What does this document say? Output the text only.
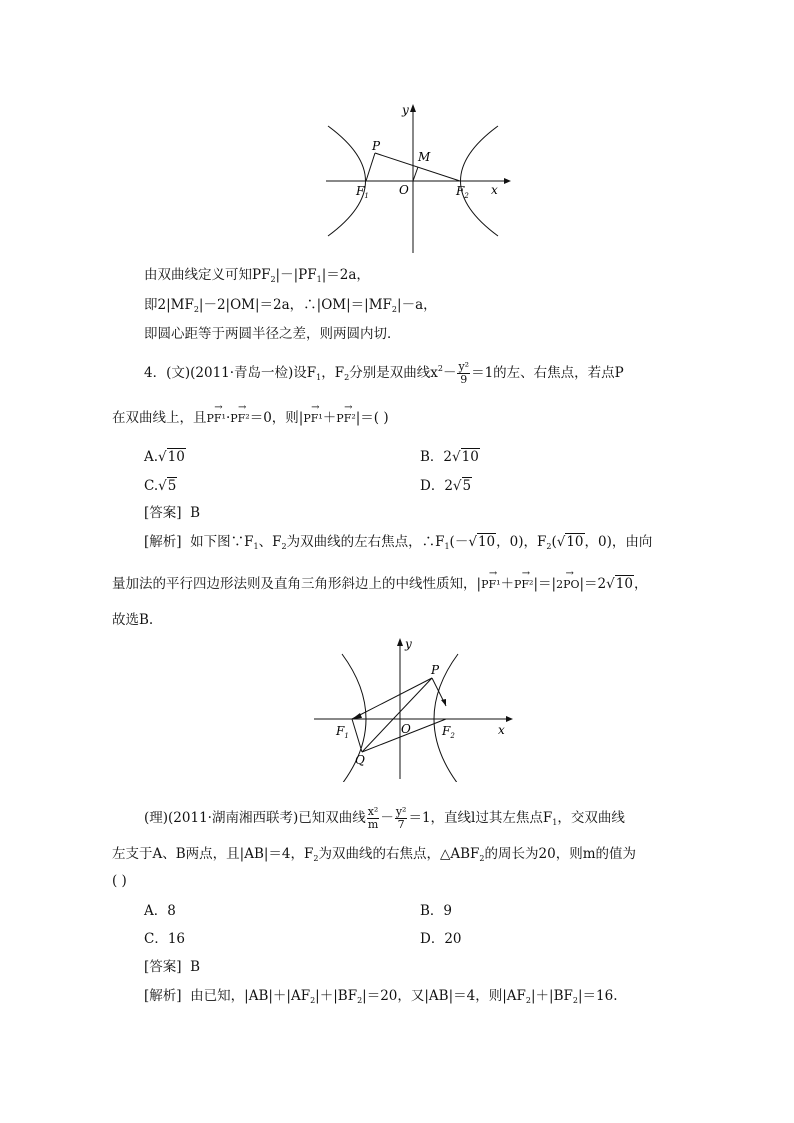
y
x
P
M
$F_1$	O	$F_2$
由双曲线定义可知$PF_2|-|PF_1|=2a$，
即$2|MF_2|-2|OM|=2a$，$\therefore|OM|=|MF_2|-a$，
即圆心距等于两圆半径之差，则两圆内切．
4．(文)(2011·青岛一检)设$F_1$，$F_2$分别是双曲线$x^2- \frac{\text{y²}}{9} =1$的左、右焦点，若点P
在双曲线上，且→ PF¹·→ PF²＝0，则|→ PF¹＋→ PF²|＝( )
A.√10	B．2√10
C.√5	D．2√5
[答案] B
[解析] 如下图$\because F_1$、$F_2$为双曲线的左右焦点，$\therefore F_1(-√10$，0)，$F_2(√10$，0)，由向
量加法的平行四边形法则及直角三角形斜边上的中线性质知，|→ PF¹＋→ PF²|＝|→ 2PO|＝2√10，
故选B.
y
x
P
Q
$F_1$	O	$F_2$
(理)(2011·湖南湘西联考)已知双曲线 $\frac{\text{x²}}{m} - \frac{\text{y²}}{7} =1$，直线l过其左焦点$F_1$，交双曲线
左支于A、B两点，且|AB|＝4，$F_2$为双曲线的右焦点，$\triangle ABF_2$的周长为20，则m的值为
( )
A．8	B．9
C．16	D．20
[答案] B
[解析] 由已知，$|AB|+|AF_2|+|BF_2|=20$，又|AB|＝4，则$|AF_2|+|BF_2|=16$.
